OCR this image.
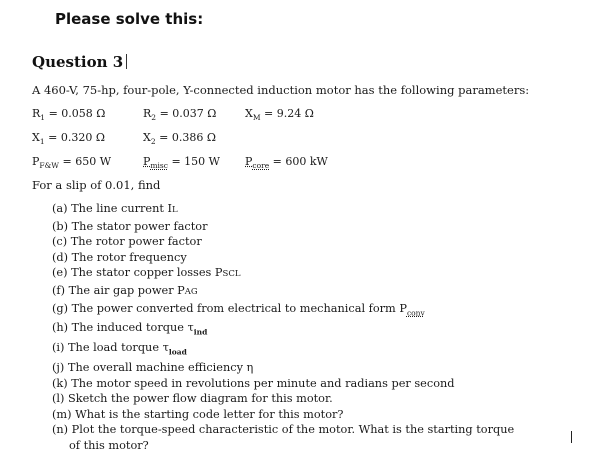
Please solve this:
Question 3
A 460-V, 75-hp, four-pole, Y-connected induction motor has the following parameters:
$R_1 = 0.058$ Ω	$R_2 = 0.037$ Ω	$X_M = 9.24$ Ω
$X_1 = 0.320$ Ω	$X_2 = 0.386$ Ω
$P_{F\&W} = 650$ W	$P_{misc} = 150$ W $P_{core} = 600$ kW
For a slip of 0.01, find
(a) The line current IL
(b) The stator power factor
(c) The rotor power factor
(d) The rotor frequency
(e) The stator copper losses PSCL
(f) The air gap power PAG
(g) The power converted from electrical to mechanical form $P_{conv}$
(h) The induced torque $\tau_{ind}$
(i) The load torque $\tau_{load}$
(j) The overall machine efficiency η
(k) The motor speed in revolutions per minute and radians per second
(l) Sketch the power flow diagram for this motor.
(m) What is the starting code letter for this motor?
(n) Plot the torque-speed characteristic of the motor. What is the starting torque
of this motor?
